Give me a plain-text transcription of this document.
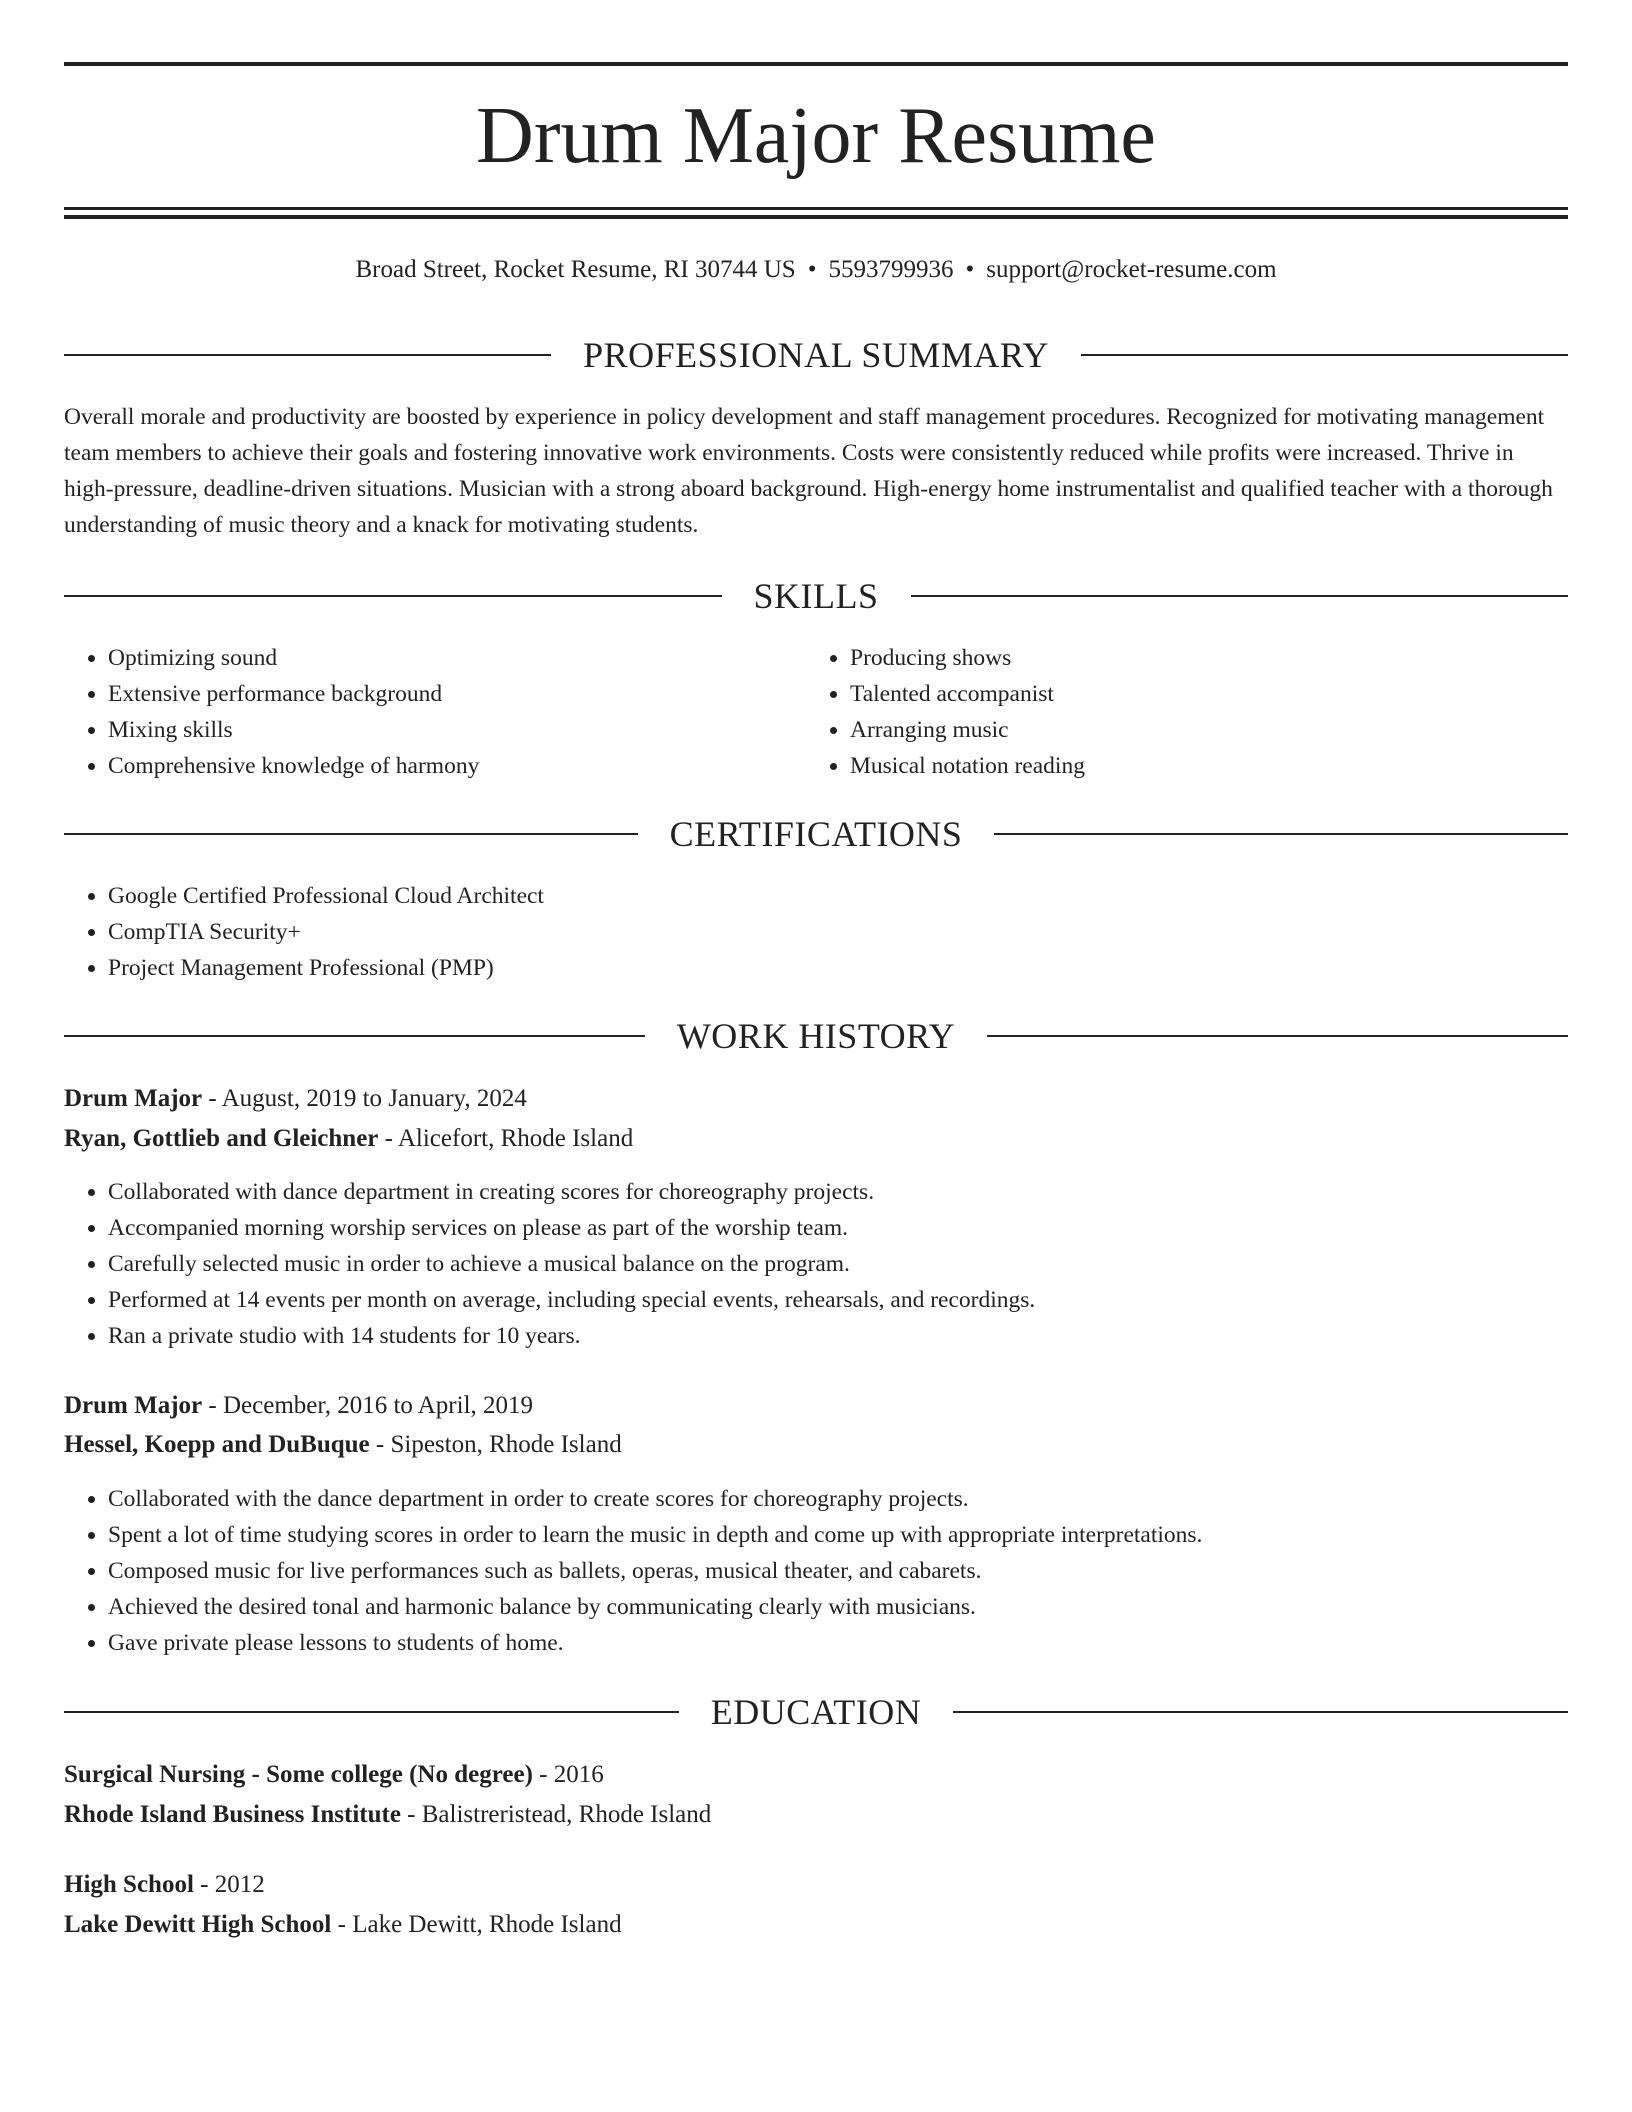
Drum Major Resume
Broad Street, Rocket Resume, RI 30744 US • 5593799936 • support@rocket-resume.com
PROFESSIONAL SUMMARY

Overall morale and productivity are boosted by experience in policy development and staff management procedures. Recognized for motivating management team members to achieve their goals and fostering innovative work environments. Costs were consistently reduced while profits were increased. Thrive in high-pressure, deadline-driven situations. Musician with a strong aboard background. High-energy home instrumentalist and qualified teacher with a thorough understanding of music theory and a knack for motivating students.

SKILLS
• Optimizing sound
• Extensive performance background
• Mixing skills
• Comprehensive knowledge of harmony
• Producing shows
• Talented accompanist
• Arranging music
• Musical notation reading
CERTIFICATIONS
• Google Certified Professional Cloud Architect
• CompTIA Security+
• Project Management Professional (PMP)
WORK HISTORY
Drum Major - August, 2019 to January, 2024
Ryan, Gottlieb and Gleichner - Alicefort, Rhode Island
• Collaborated with dance department in creating scores for choreography projects.
• Accompanied morning worship services on please as part of the worship team.
• Carefully selected music in order to achieve a musical balance on the program.
• Performed at 14 events per month on average, including special events, rehearsals, and recordings.
• Ran a private studio with 14 students for 10 years.
Drum Major - December, 2016 to April, 2019
Hessel, Koepp and DuBuque - Sipeston, Rhode Island
• Collaborated with the dance department in order to create scores for choreography projects.
• Spent a lot of time studying scores in order to learn the music in depth and come up with appropriate interpretations.
• Composed music for live performances such as ballets, operas, musical theater, and cabarets.
• Achieved the desired tonal and harmonic balance by communicating clearly with musicians.
• Gave private please lessons to students of home.
EDUCATION
Surgical Nursing - Some college (No degree) - 2016
Rhode Island Business Institute - Balistreristead, Rhode Island
High School - 2012
Lake Dewitt High School - Lake Dewitt, Rhode Island
